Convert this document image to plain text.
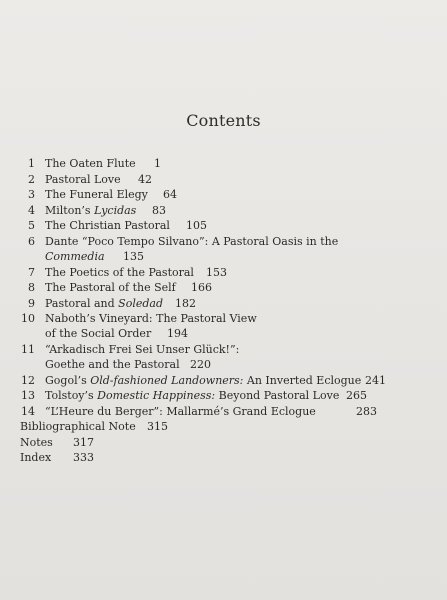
Contents
1 The Oaten Flute 1
2 Pastoral Love 42
3 The Funeral Elegy 64
4 Milton’s Lycidas 83
5 The Christian Pastoral 105
6 Dante “Poco Tempo Silvano”: A Pastoral Oasis in the
Commedia 135
7 The Poetics of the Pastoral 153
8 The Pastoral of the Self 166
9 Pastoral and Soledad 182
10 Naboth’s Vineyard: The Pastoral View
of the Social Order 194
11 “Arkadisch Frei Sei Unser Glück!”:
Goethe and the Pastoral 220
12 Gogol’s Old-fashioned Landowners: An Inverted Eclogue 241
13 Tolstoy’s Domestic Happiness: Beyond Pastoral Love 265
14 “L’Heure du Berger”: Mallarmé’s Grand Eclogue	283
Bibliographical Note 315
Notes 317
Index 333
